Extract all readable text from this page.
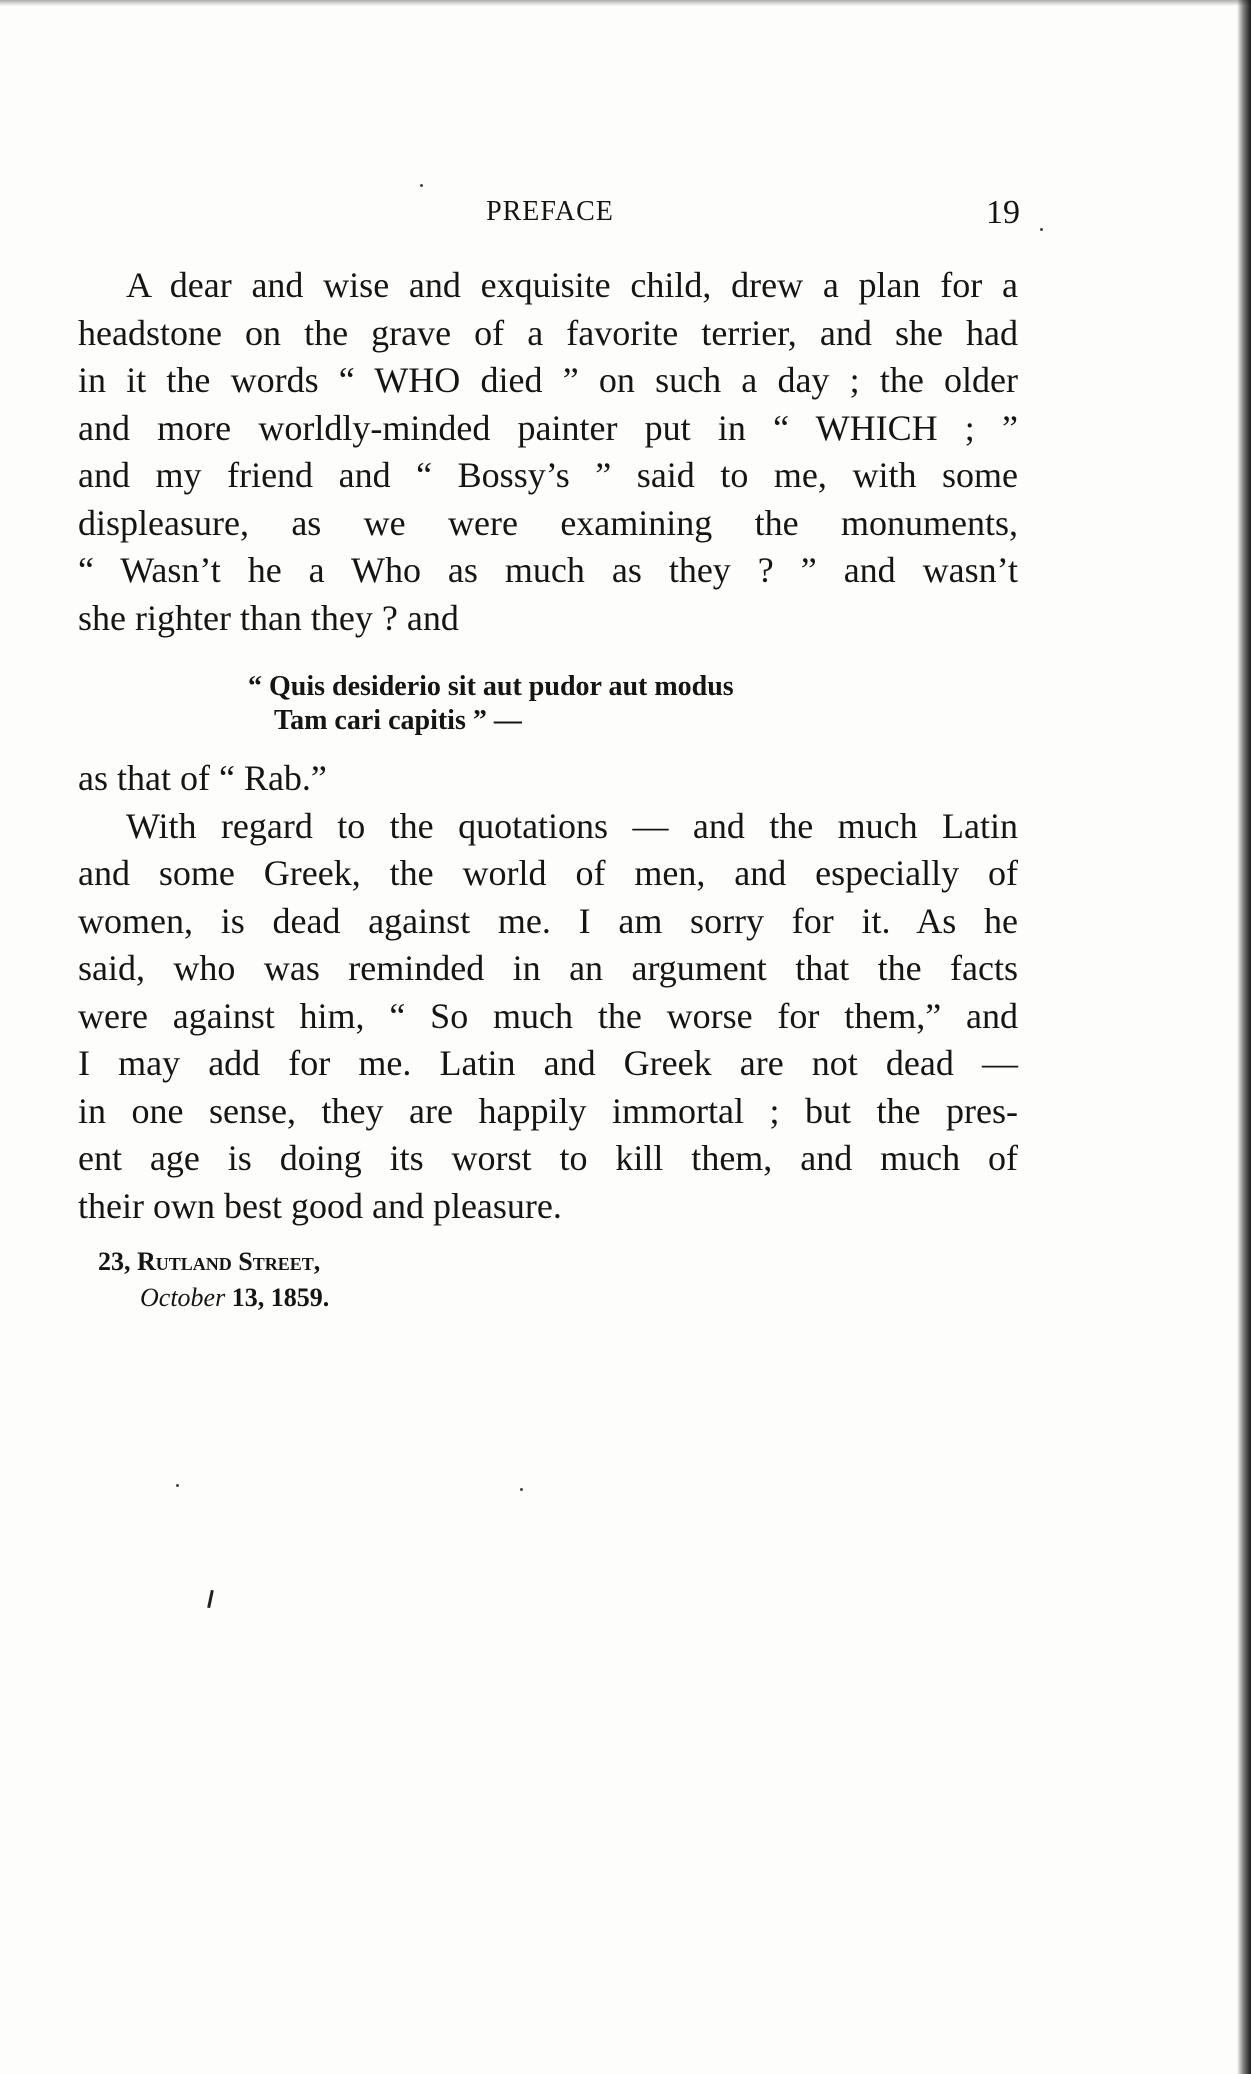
PREFACE	19
A dear and wise and exquisite child, drew a plan for a
headstone on the grave of a favorite terrier, and she had
in it the words “ WHO died ” on such a day ; the older
and more worldly-minded painter put in “ WHICH ; ”
and my friend and “ Bossy’s ” said to me, with some
displeasure, as we were examining the monuments,
“ Wasn’t he a Who as much as they ? ” and wasn’t
she righter than they ? and
“ Quis desiderio sit aut pudor aut modus
Tam cari capitis ” —
as that of “ Rab.”
With regard to the quotations — and the much Latin
and some Greek, the world of men, and especially of
women, is dead against me. I am sorry for it. As he
said, who was reminded in an argument that the facts
were against him, “ So much the worse for them,” and
I may add for me. Latin and Greek are not dead —
in one sense, they are happily immortal ; but the pres-
ent age is doing its worst to kill them, and much of
their own best good and pleasure.
23, Rutland Street,
October 13, 1859.
